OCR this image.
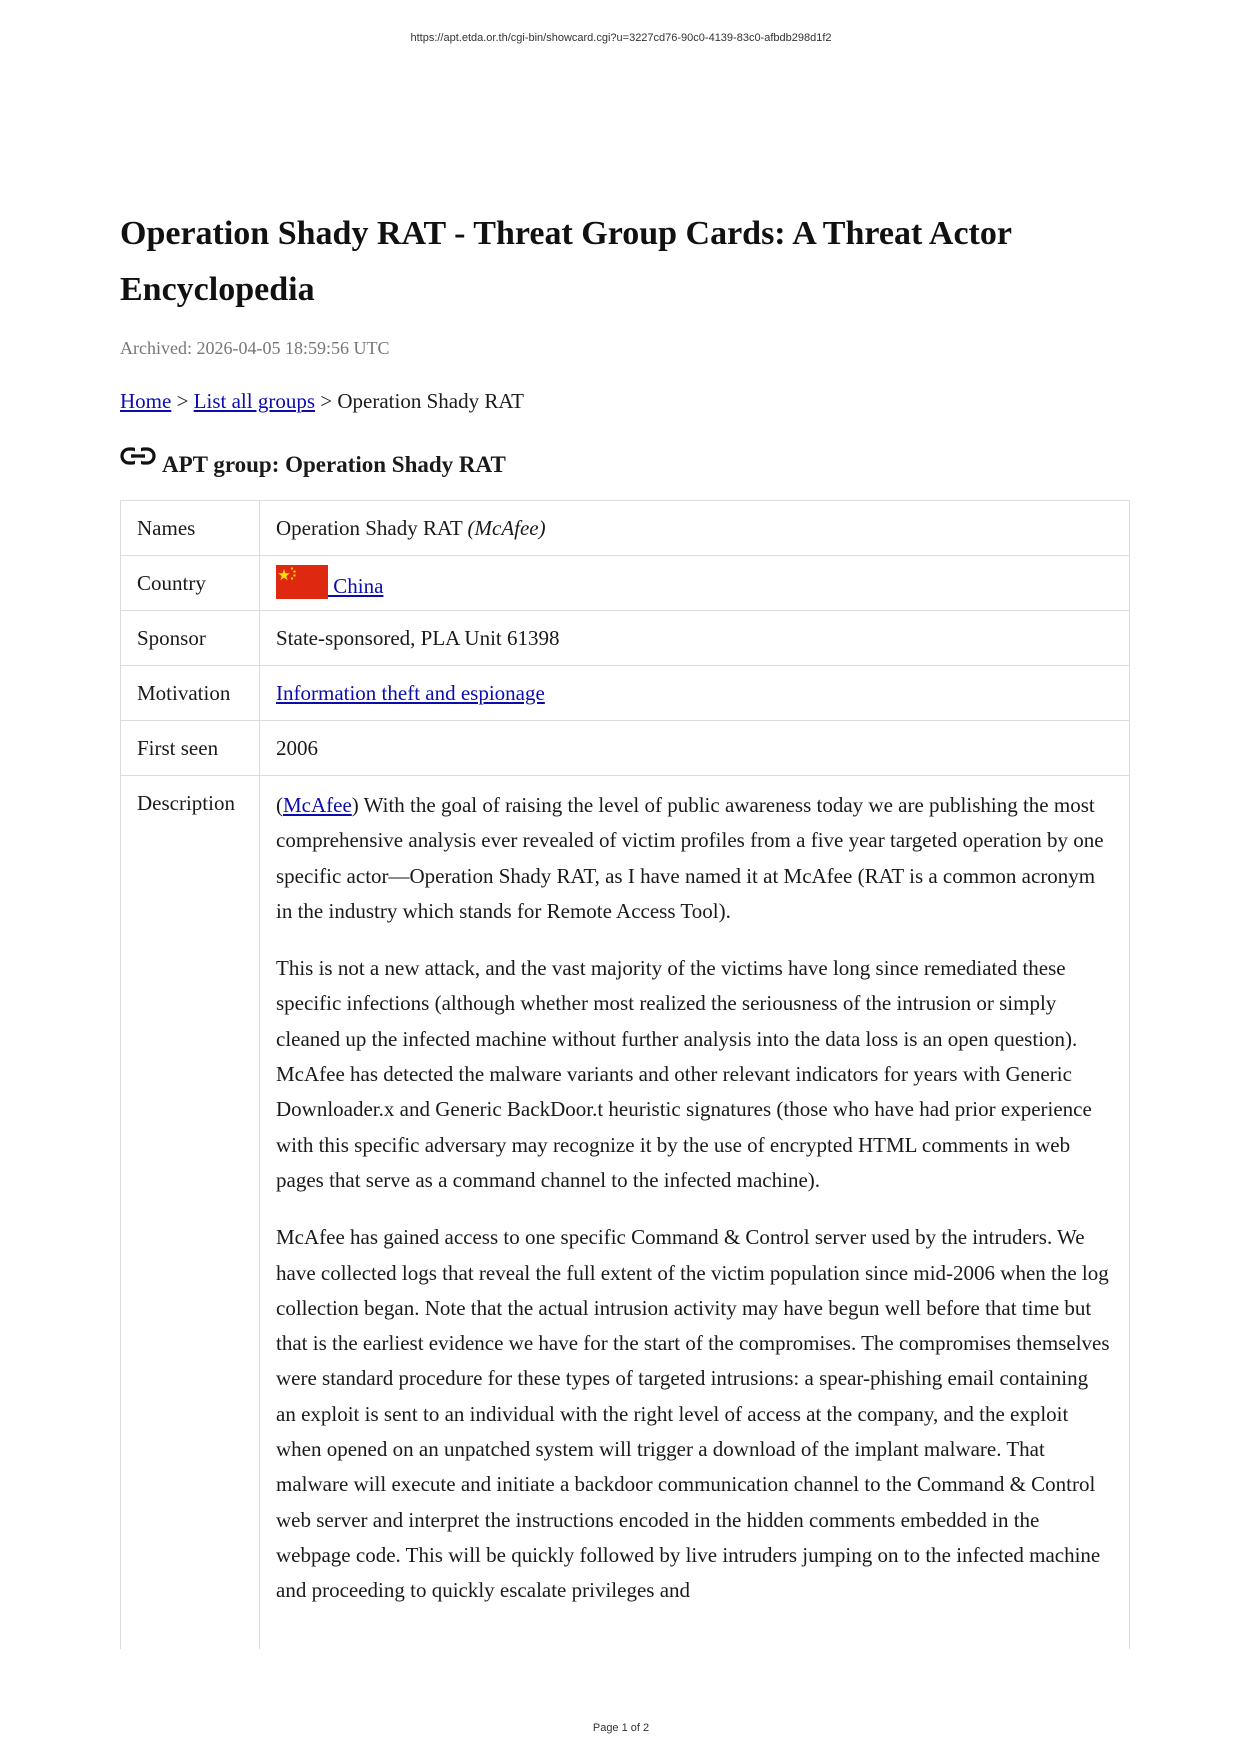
https://apt.etda.or.th/cgi-bin/showcard.cgi?u=3227cd76-90c0-4139-83c0-afbdb298d1f2
Operation Shady RAT - Threat Group Cards: A Threat Actor Encyclopedia
Archived: 2026-04-05 18:59:56 UTC
Home > List all groups > Operation Shady RAT
APT group: Operation Shady RAT
Names	Operation Shady RAT (McAfee)
Country	China
Sponsor	State-sponsored, PLA Unit 61398
Motivation	Information theft and espionage
First seen	2006
Description	(McAfee) With the goal of raising the level of public awareness today we are publishing the most comprehensive analysis ever revealed of victim profiles from a five year targeted operation by one specific actor—Operation Shady RAT, as I have named it at McAfee (RAT is a common acronym in the industry which stands for Remote Access Tool).

This is not a new attack, and the vast majority of the victims have long since remediated these specific infections (although whether most realized the seriousness of the intrusion or simply cleaned up the infected machine without further analysis into the data loss is an open question). McAfee has detected the malware variants and other relevant indicators for years with Generic Downloader.x and Generic BackDoor.t heuristic signatures (those who have had prior experience with this specific adversary may recognize it by the use of encrypted HTML comments in web pages that serve as a command channel to the infected machine).

McAfee has gained access to one specific Command & Control server used by the intruders. We have collected logs that reveal the full extent of the victim population since mid-2006 when the log collection began. Note that the actual intrusion activity may have begun well before that time but that is the earliest evidence we have for the start of the compromises. The compromises themselves were standard procedure for these types of targeted intrusions: a spear-phishing email containing an exploit is sent to an individual with the right level of access at the company, and the exploit when opened on an unpatched system will trigger a download of the implant malware. That malware will execute and initiate a backdoor communication channel to the Command & Control web server and interpret the instructions encoded in the hidden comments embedded in the webpage code. This will be quickly followed by live intruders jumping on to the infected machine and proceeding to quickly escalate privileges and

Page 1 of 2
